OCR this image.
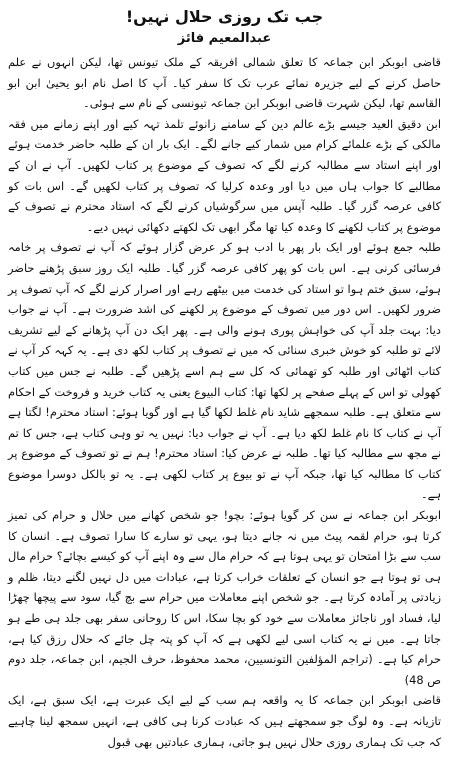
جب تک روزی حلال نہیں!
عبدالمعیم فائز

قاضی ابوبکر ابن جماعہ کا تعلق شمالی افریقہ کے ملک تیونس تھا، لیکن انہوں نے علم حاصل کرنے کے لیے جزیرہ نمائے عرب تک کا سفر کیا۔ آپ کا اصل نام ابو یحییٰ ابن ابو القاسم تھا، لیکن شہرت قاضی ابوبکر ابن جماعہ تیونسی کے نام سے ہوئی۔

ابن دقیق العید جیسے بڑے عالم دین کے سامنے زانوئے تلمذ تہہ کیے اور اپنے زمانے میں فقہ مالکی کے بڑے علمائے کرام میں شمار کیے جانے لگے۔ ایک بار ان کے طلبہ حاضر خدمت ہوئے اور اپنے استاد سے مطالبہ کرنے لگے کہ تصوف کے موضوع پر کتاب لکھیں۔ آپ نے ان کے مطالبے کا جواب ہاں میں دیا اور وعدہ کرلیا کہ تصوف پر کتاب لکھیں گے۔ اس بات کو کافی عرصہ گزر گیا۔ طلبہ آپس میں سرگوشیاں کرنے لگے کہ استاد محترم نے تصوف کے موضوع پر کتاب لکھنے کا وعدہ کیا تھا مگر ابھی تک لکھتے دکھائی نہیں دیے۔

طلبہ جمع ہوئے اور ایک بار پھر با ادب ہو کر عرض گزار ہوئے کہ آپ نے تصوف پر خامہ فرسائی کرنی ہے۔ اس بات کو پھر کافی عرصہ گزر گیا۔ طلبہ ایک روز سبق پڑھنے حاضر ہوئے، سبق ختم ہوا تو استاد کی خدمت میں بیٹھے رہے اور اصرار کرنے لگے کہ آپ تصوف پر ضرور لکھیں۔ اس دور میں تصوف کے موضوع پر لکھنے کی اشد ضرورت ہے۔ آپ نے جواب دیا: بہت جلد آپ کی خواہش پوری ہونے والی ہے۔ پھر ایک دن آپ پڑھانے کے لیے تشریف لائے تو طلبہ کو خوش خبری سنائی کہ میں نے تصوف پر کتاب لکھ دی ہے۔ یہ کہہ کر آپ نے کتاب اٹھائی اور طلبہ کو تھمائی کہ کل سے ہم اسے پڑھیں گے۔ طلبہ نے جس میں کتاب کھولی تو اس کے پہلے صفحے پر لکھا تھا: کتاب البیوع یعنی یہ کتاب خرید و فروخت کے احکام سے متعلق ہے۔ طلبہ سمجھے شاید نام غلط لکھا گیا ہے اور گویا ہوئے: استاد محترم! لگتا ہے آپ نے کتاب کا نام غلط لکھ دیا ہے۔ آپ نے جواب دیا: نہیں یہ تو وہی کتاب ہے، جس کا تم نے مجھ سے مطالبہ کیا تھا۔ طلبہ نے عرض کیا: استاد محترم! ہم نے تو تصوف کے موضوع پر کتاب کا مطالبہ کیا تھا، جبکہ آپ نے تو بیوع پر کتاب لکھی ہے۔ یہ تو بالکل دوسرا موضوع ہے۔

ابوبکر ابن جماعہ نے سن کر گویا ہوئے: بچو! جو شخص کھانے میں حلال و حرام کی تمیز کرتا ہو، حرام لقمہ پیٹ میں نہ جانے دیتا ہو، یہی تو سارے کا سارا تصوف ہے۔ انسان کا سب سے بڑا امتحان تو یہی ہوتا ہے کہ حرام مال سے وہ اپنے آپ کو کیسے بچائے؟ حرام مال ہی تو ہوتا ہے جو انسان کے تعلقات خراب کرتا ہے، عبادات میں دل نہیں لگنے دیتا، ظلم و زیادتی پر آمادہ کرتا ہے۔ جو شخص اپنے معاملات میں حرام سے بچ گیا، سود سے پیچھا چھڑا لیا، فساد اور ناجائز معاملات سے خود کو بچا سکا، اس کا روحانی سفر بھی جلد ہی طے ہو جاتا ہے۔ میں نے یہ کتاب اسی لیے لکھی ہے کہ آپ کو پتہ چل جائے کہ حلال رزق کیا ہے، حرام کیا ہے۔ (تراجم المؤلفین التونسیین، محمد محفوظ، حرف الجیم، ابن جماعہ، جلد دوم ص 48)

قاضی ابوبکر ابن جماعہ کا یہ واقعہ ہم سب کے لیے ایک عبرت ہے، ایک سبق ہے، ایک تازیانہ ہے۔ وہ لوگ جو سمجھتے ہیں کہ عبادت کرنا ہی کافی ہے، انہیں سمجھ لینا چاہیے کہ جب تک ہماری روزی حلال نہیں ہو جاتی، ہماری عبادتیں بھی قبول
